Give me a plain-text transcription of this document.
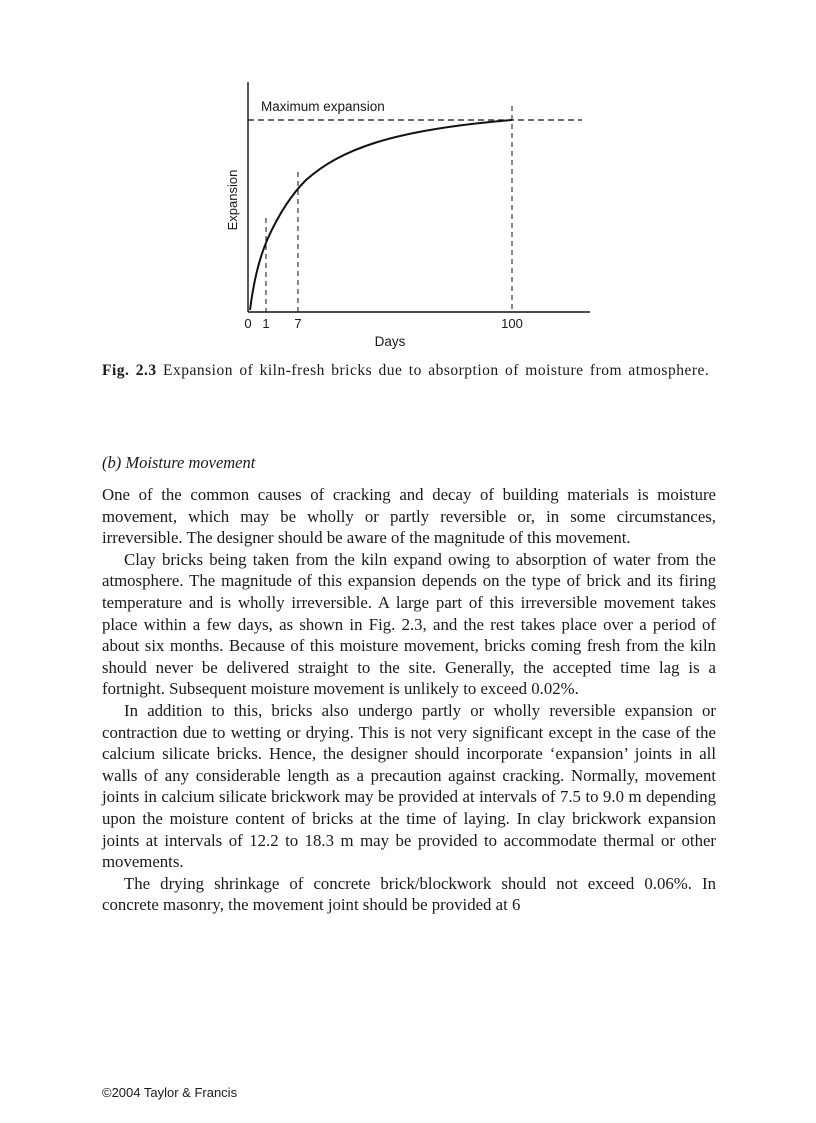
Maximum expansion
Expansion
0 1 7	100
Days

Fig. 2.3 Expansion of kiln-fresh bricks due to absorption of moisture from atmosphere.

(b) Moisture movement

One of the common causes of cracking and decay of building materials is moisture movement, which may be wholly or partly reversible or, in some circumstances, irreversible. The designer should be aware of the magnitude of this movement.

Clay bricks being taken from the kiln expand owing to absorption of water from the atmosphere. The magnitude of this expansion depends on the type of brick and its firing temperature and is wholly irreversible. A large part of this irreversible movement takes place within a few days, as shown in Fig. 2.3, and the rest takes place over a period of about six months. Because of this moisture movement, bricks coming fresh from the kiln should never be delivered straight to the site. Generally, the accepted time lag is a fortnight. Subsequent moisture movement is unlikely to exceed 0.02%.

In addition to this, bricks also undergo partly or wholly reversible expansion or contraction due to wetting or drying. This is not very significant except in the case of the calcium silicate bricks. Hence, the designer should incorporate ‘expansion’ joints in all walls of any considerable length as a precaution against cracking. Normally, movement joints in calcium silicate brickwork may be provided at intervals of 7.5 to 9.0 m depending upon the moisture content of bricks at the time of laying. In clay brickwork expansion joints at intervals of 12.2 to 18.3 m may be provided to accommodate thermal or other movements.

The drying shrinkage of concrete brick/blockwork should not exceed 0.06%. In concrete masonry, the movement joint should be provided at 6

©2004 Taylor & Francis
